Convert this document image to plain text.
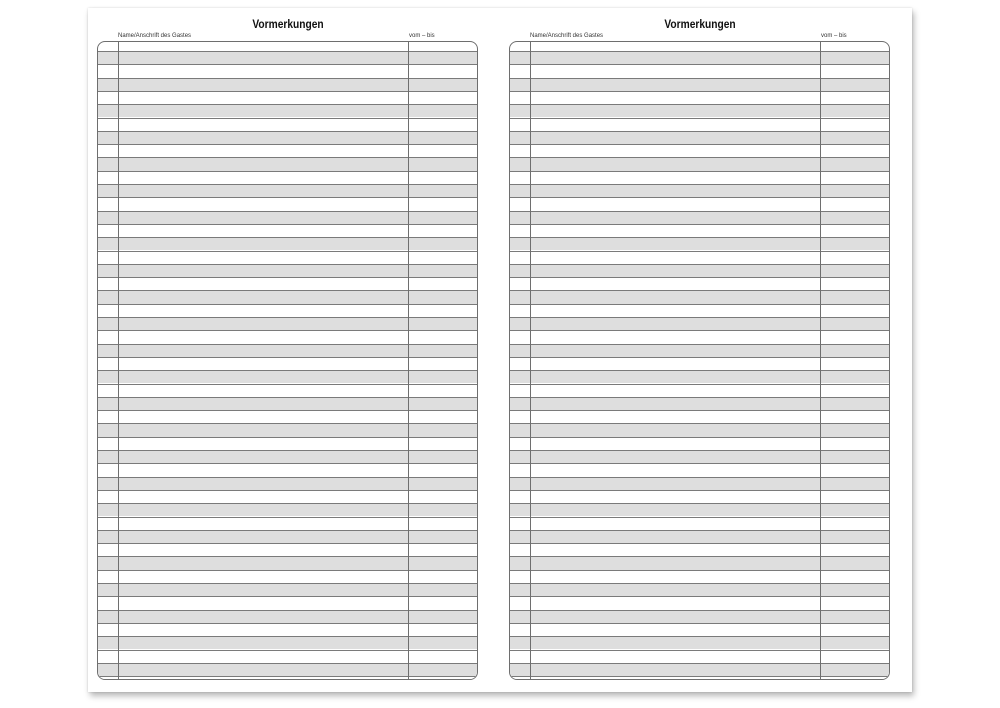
Vormerkungen
Name/Anschrift des Gastes	vom – bis
Vormerkungen
Name/Anschrift des Gastes	vom – bis
